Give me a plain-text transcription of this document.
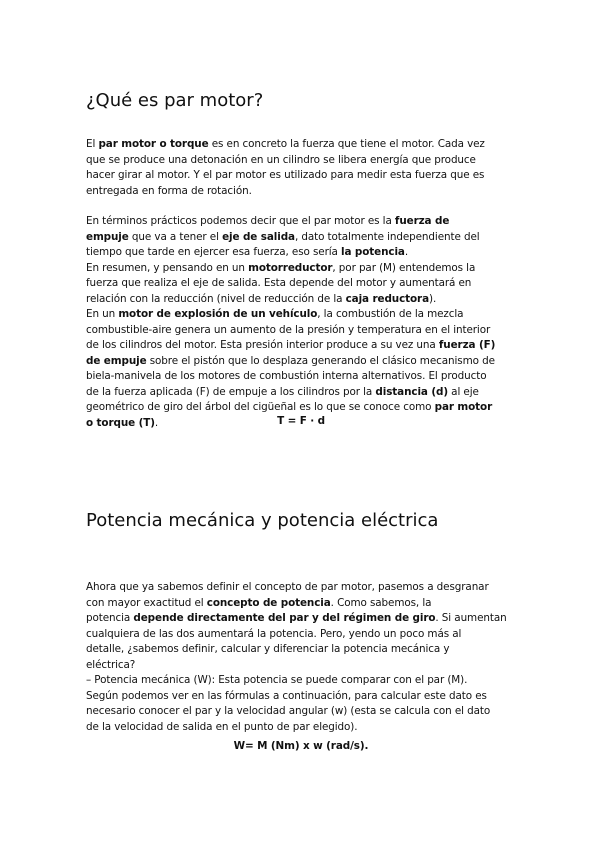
¿Qué es par motor?
El par motor o torque es en concreto la fuerza que tiene el motor. Cada vez
que se produce una detonación en un cilindro se libera energía que produce
hacer girar al motor. Y el par motor es utilizado para medir esta fuerza que es
entregada en forma de rotación.
En términos prácticos podemos decir que el par motor es la fuerza de
empuje que va a tener el eje de salida, dato totalmente independiente del
tiempo que tarde en ejercer esa fuerza, eso sería la potencia.
En resumen, y pensando en un motorreductor, por par (M) entendemos la
fuerza que realiza el eje de salida. Esta depende del motor y aumentará en
relación con la reducción (nivel de reducción de la caja reductora).
En un motor de explosión de un vehículo, la combustión de la mezcla
combustible-aire genera un aumento de la presión y temperatura en el interior
de los cilindros del motor. Esta presión interior produce a su vez una fuerza (F)
de empuje sobre el pistón que lo desplaza generando el clásico mecanismo de
biela-manivela de los motores de combustión interna alternativos. El producto
de la fuerza aplicada (F) de empuje a los cilindros por la distancia (d) al eje
geométrico de giro del árbol del cigüeñal es lo que se conoce como par motor
o torque (T).	T = F · d
Potencia mecánica y potencia eléctrica
Ahora que ya sabemos definir el concepto de par motor, pasemos a desgranar
con mayor exactitud el concepto de potencia. Como sabemos, la
potencia depende directamente del par y del régimen de giro. Si aumentan
cualquiera de las dos aumentará la potencia. Pero, yendo un poco más al
detalle, ¿sabemos definir, calcular y diferenciar la potencia mecánica y
eléctrica?
– Potencia mecánica (W): Esta potencia se puede comparar con el par (M).
Según podemos ver en las fórmulas a continuación, para calcular este dato es
necesario conocer el par y la velocidad angular (w) (esta se calcula con el dato
de la velocidad de salida en el punto de par elegido).
W= M (Nm) x w (rad/s).
